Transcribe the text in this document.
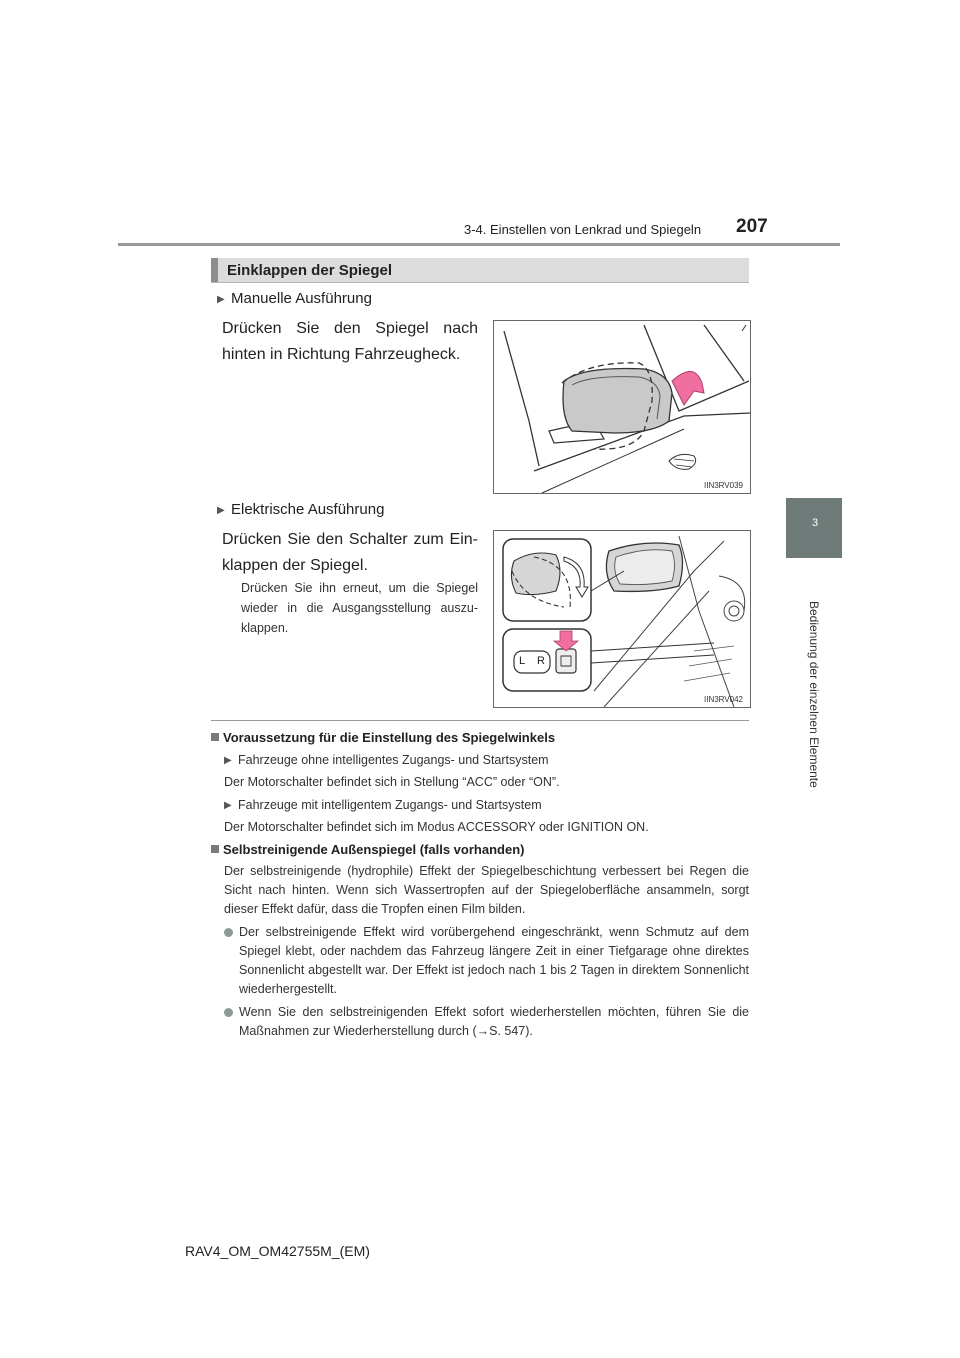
3-4. Einstellen von Lenkrad und Spiegeln 207
3
Bedienung der einzelnen Elemente
Einklappen der Spiegel
▶ Manuelle Ausführung
Drücken Sie den Spiegel nach hinten in Richtung Fahrzeugheck.
IIN3RV039
▶ Elektrische Ausführung
Drücken Sie den Schalter zum Ein-klappen der Spiegel.
Drücken Sie ihn erneut, um die Spiegel wieder in die Ausgangsstellung auszu-klappen.
L R
IIN3RV042
Voraussetzung für die Einstellung des Spiegelwinkels
▶ Fahrzeuge ohne intelligentes Zugangs- und Startsystem
Der Motorschalter befindet sich in Stellung “ACC” oder “ON”.
▶ Fahrzeuge mit intelligentem Zugangs- und Startsystem
Der Motorschalter befindet sich im Modus ACCESSORY oder IGNITION ON.
Selbstreinigende Außenspiegel (falls vorhanden)
Der selbstreinigende (hydrophile) Effekt der Spiegelbeschichtung verbessert bei Regen die Sicht nach hinten. Wenn sich Wassertropfen auf der Spiegeloberfläche ansammeln, sorgt dieser Effekt dafür, dass die Tropfen einen Film bilden.
Der selbstreinigende Effekt wird vorübergehend eingeschränkt, wenn Schmutz auf dem Spiegel klebt, oder nachdem das Fahrzeug längere Zeit in einer Tiefgarage ohne direktes Sonnenlicht abgestellt war. Der Effekt ist jedoch nach 1 bis 2 Tagen in direktem Sonnenlicht wiederhergestellt.
Wenn Sie den selbstreinigenden Effekt sofort wiederherstellen möchten, führen Sie die Maßnahmen zur Wiederherstellung durch (→S. 547).
RAV4_OM_OM42755M_(EM)
